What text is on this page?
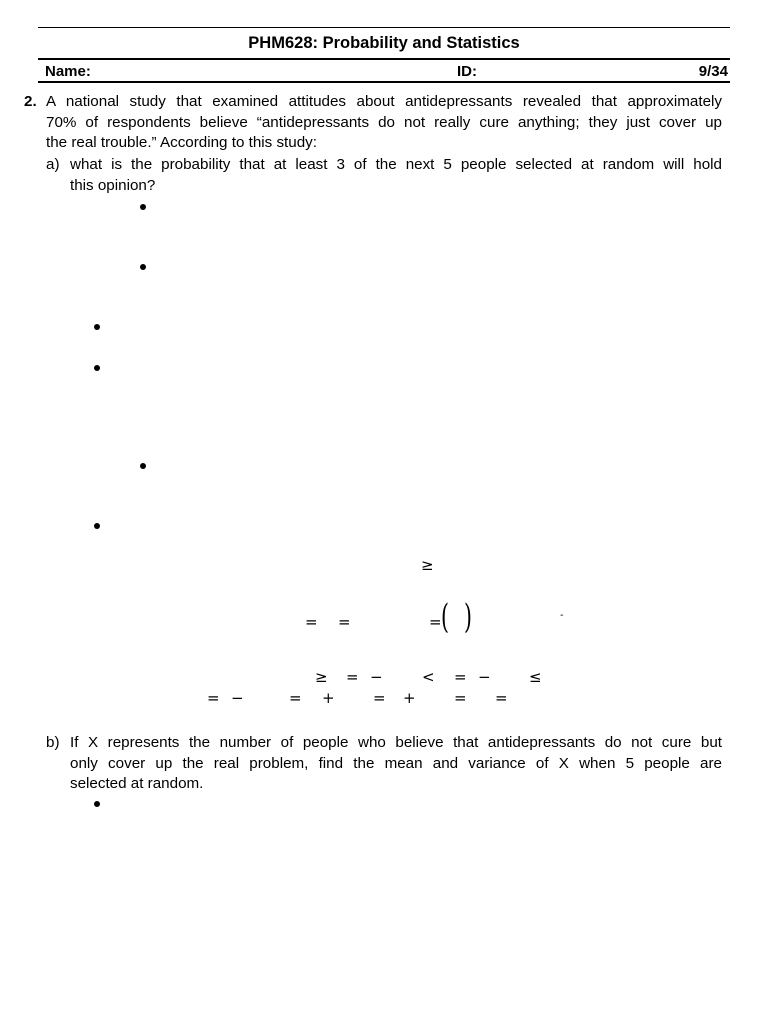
PHM628: Probability and Statistics
Name:	ID:	9/34
2. A national study that examined attitudes about antidepressants revealed that approximately
70% of respondents believe “antidepressants do not really cure anything; they just cover up
the real trouble.” According to this study:
a) what is the probability that at least 3 of the next 5 people selected at random will hold
this opinion?
≥
= =	= ( )	-
≥ = −	< = −	≤
= −	= +	= +	= =
b) If X represents the number of people who believe that antidepressants do not cure but
only cover up the real problem, find the mean and variance of X when 5 people are
selected at random.
